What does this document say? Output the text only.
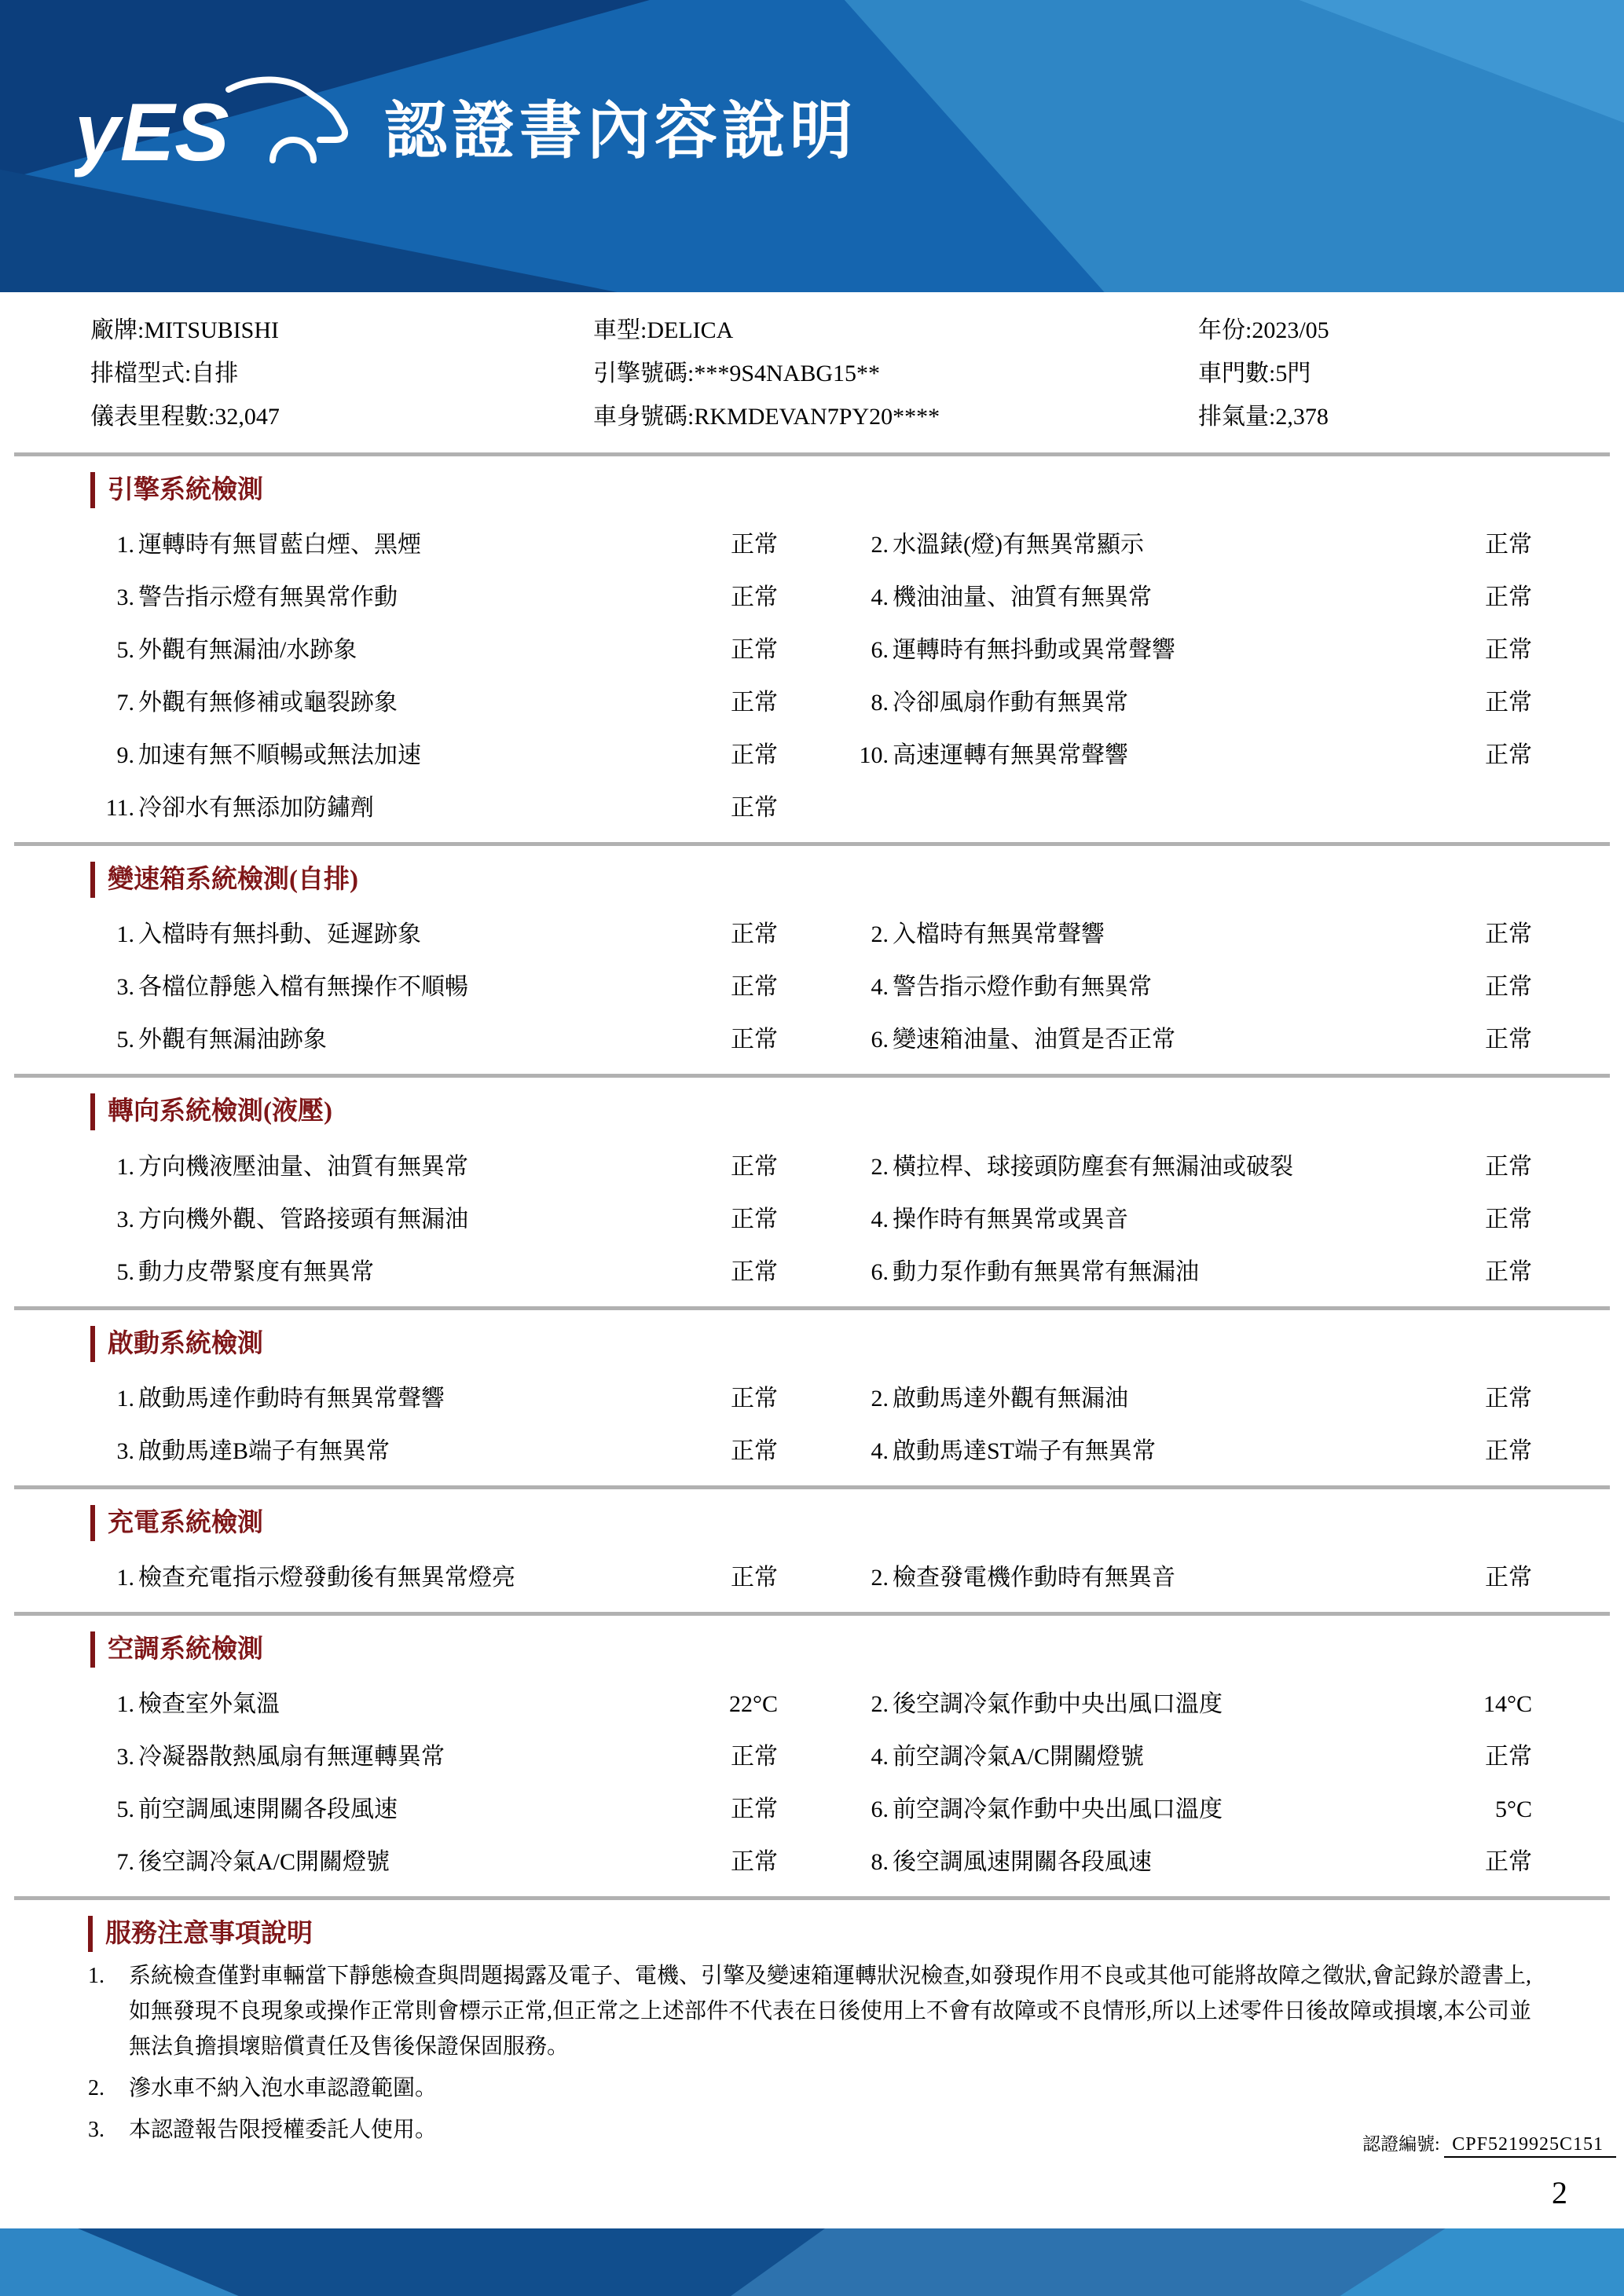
yES 認證書內容說明
廠牌:MITSUBISHI	車型:DELICA	年份:2023/05
排檔型式:自排	引擎號碼:***9S4NABG15**	車門數:5門
儀表里程數:32,047	車身號碼:RKMDEVAN7PY20****	排氣量:2,378
引擎系統檢測
1. 運轉時有無冒藍白煙、黑煙	正常	2. 水溫錶(燈)有無異常顯示	正常
3. 警告指示燈有無異常作動	正常	4. 機油油量、油質有無異常	正常
5. 外觀有無漏油/水跡象	正常	6. 運轉時有無抖動或異常聲響	正常
7. 外觀有無修補或龜裂跡象	正常	8. 冷卻風扇作動有無異常	正常
9. 加速有無不順暢或無法加速	正常	10. 高速運轉有無異常聲響	正常
11. 冷卻水有無添加防鏽劑	正常
變速箱系統檢測(自排)
1. 入檔時有無抖動、延遲跡象	正常	2. 入檔時有無異常聲響	正常
3. 各檔位靜態入檔有無操作不順暢	正常	4. 警告指示燈作動有無異常	正常
5. 外觀有無漏油跡象	正常	6. 變速箱油量、油質是否正常	正常
轉向系統檢測(液壓)
1. 方向機液壓油量、油質有無異常	正常	2. 橫拉桿、球接頭防塵套有無漏油或破裂	正常
3. 方向機外觀、管路接頭有無漏油	正常	4. 操作時有無異常或異音	正常
5. 動力皮帶緊度有無異常	正常	6. 動力泵作動有無異常有無漏油	正常
啟動系統檢測
1. 啟動馬達作動時有無異常聲響	正常	2. 啟動馬達外觀有無漏油	正常
3. 啟動馬達B端子有無異常	正常	4. 啟動馬達ST端子有無異常	正常
充電系統檢測
1. 檢查充電指示燈發動後有無異常燈亮	正常	2. 檢查發電機作動時有無異音	正常
空調系統檢測
1. 檢查室外氣溫	22°C	2. 後空調冷氣作動中央出風口溫度	14°C
3. 冷凝器散熱風扇有無運轉異常	正常	4. 前空調冷氣A/C開關燈號	正常
5. 前空調風速開關各段風速	正常	6. 前空調冷氣作動中央出風口溫度	5°C
7. 後空調冷氣A/C開關燈號	正常	8. 後空調風速開關各段風速	正常
服務注意事項說明
1.	系統檢查僅對車輛當下靜態檢查與問題揭露及電子、電機、引擎及變速箱運轉狀況檢查,如發現作用不良或其他可能將故障之徵狀,會記錄於證書上,如無發現不良現象或操作正常則會標示正常,但正常之上述部件不代表在日後使用上不會有故障或不良情形,所以上述零件日後故障或損壞,本公司並無法負擔損壞賠償責任及售後保證保固服務。
2.	滲水車不納入泡水車認證範圍。
3.	本認證報告限授權委託人使用。
認證編號: CPF5219925C151
2
